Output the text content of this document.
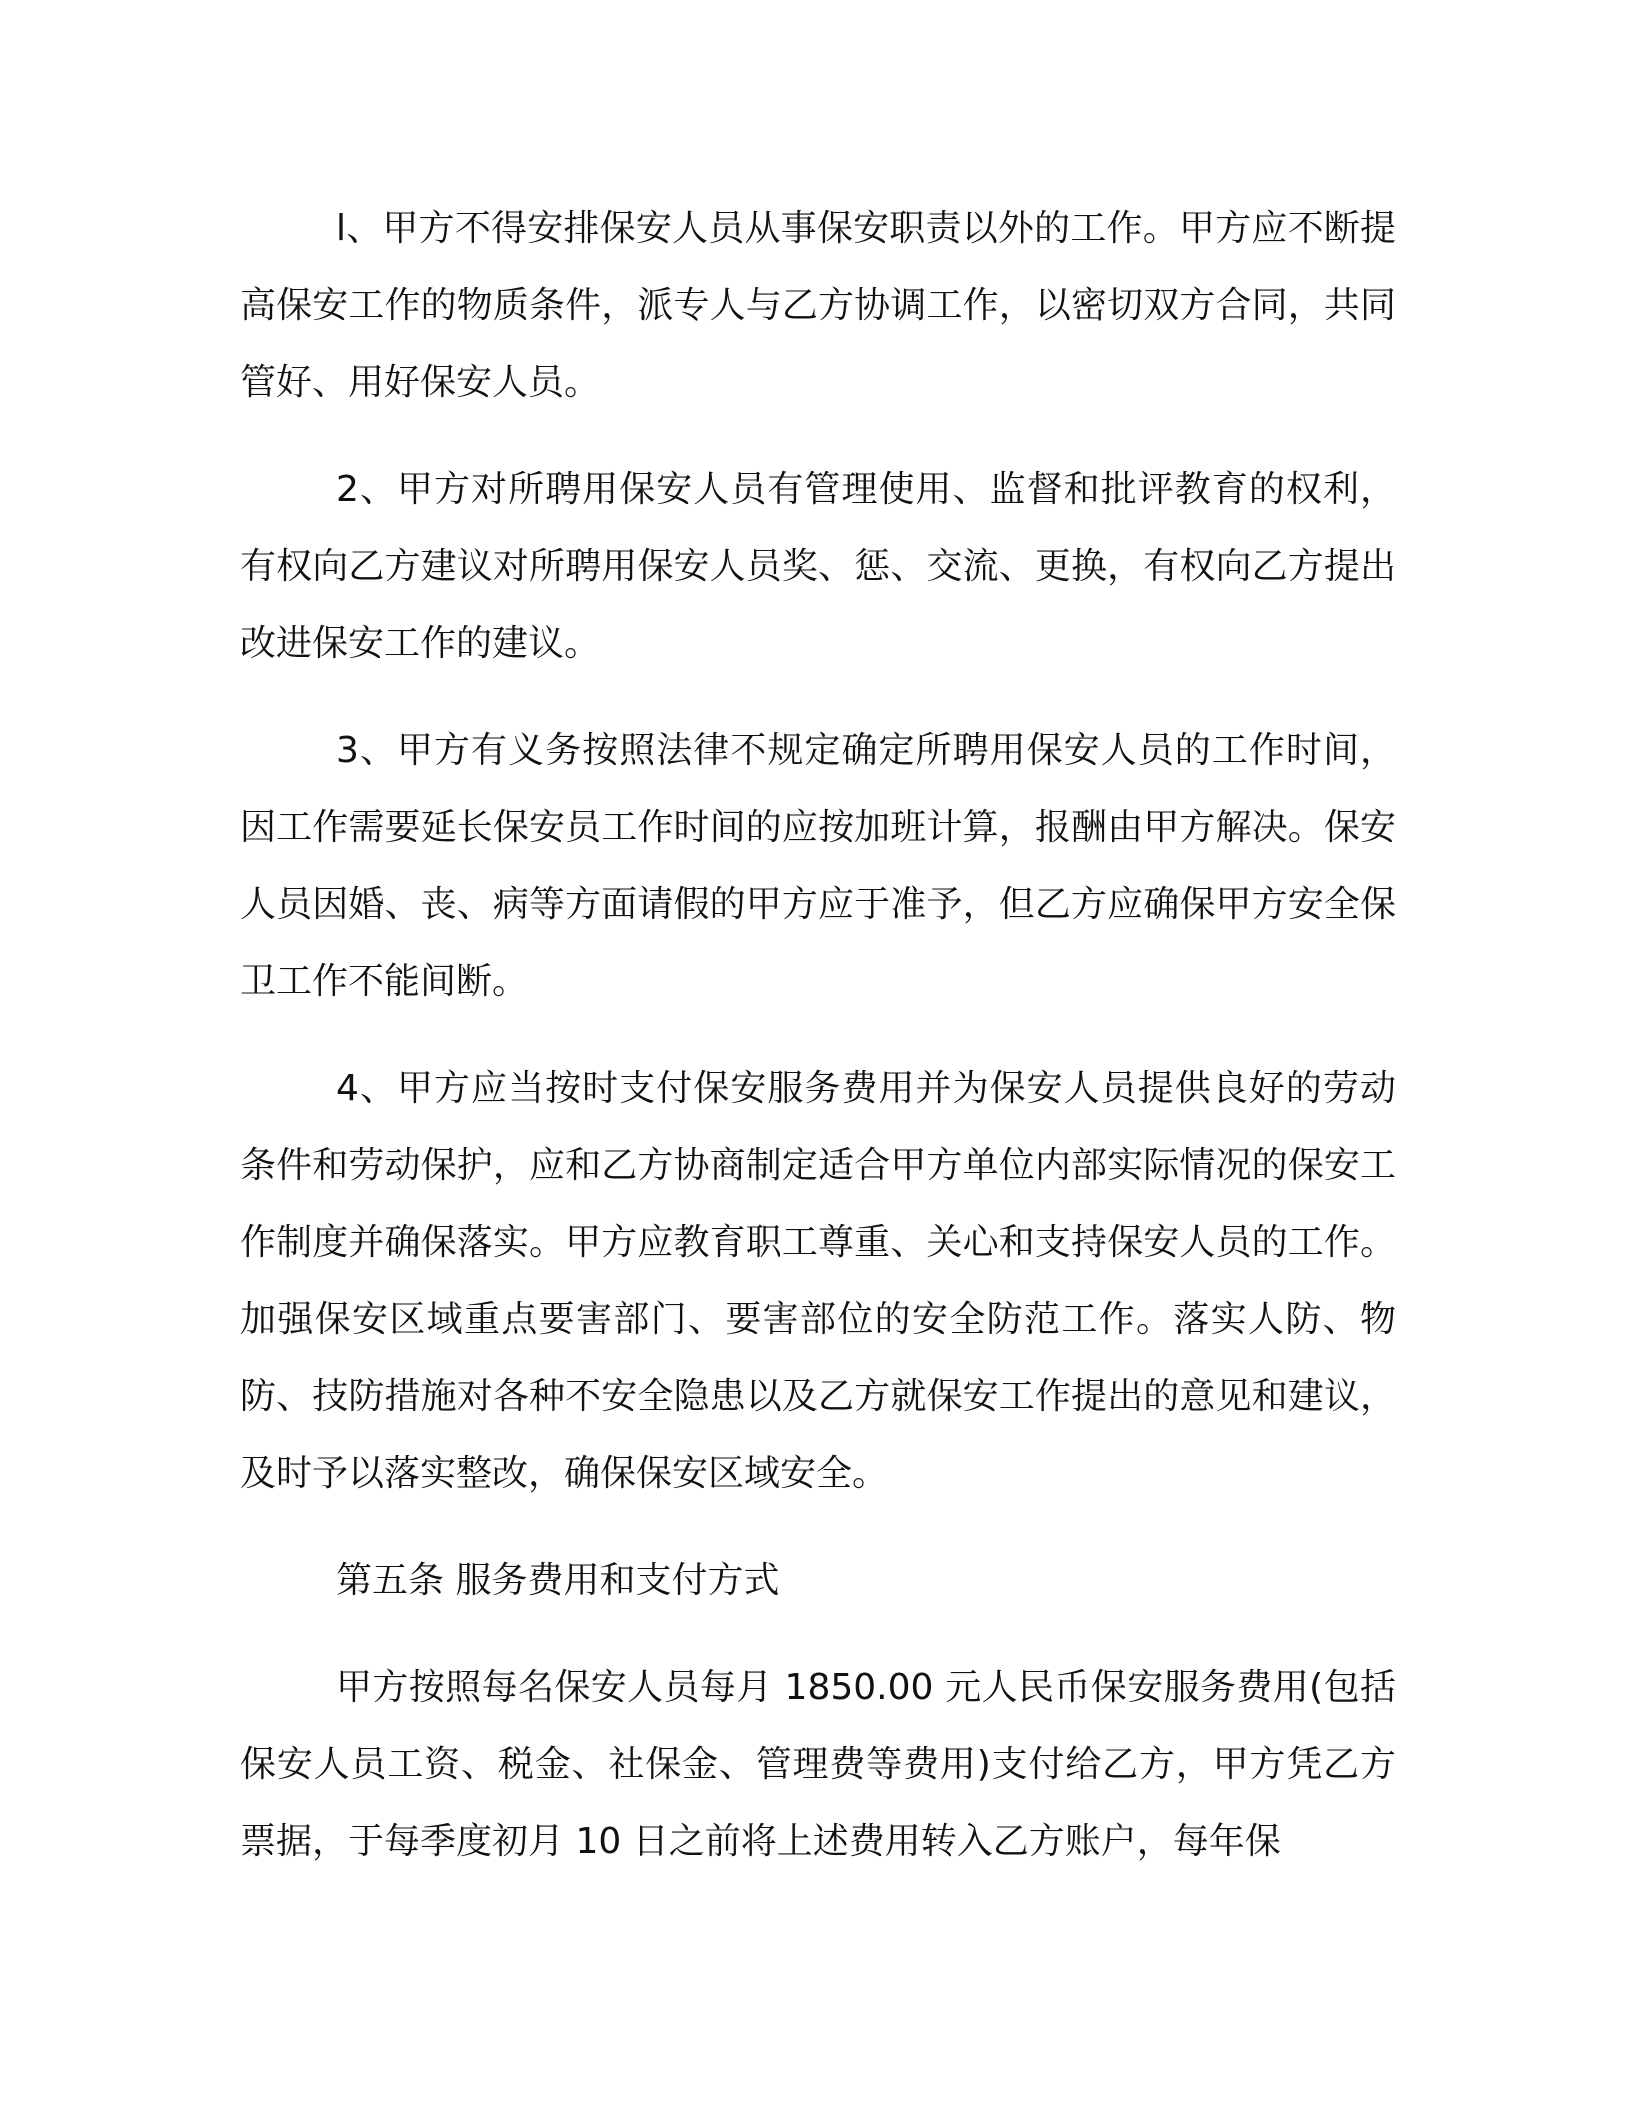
l、甲方不得安排保安人员从事保安职责以外的工作。甲方应不断提高保安工作的物质条件，派专人与乙方协调工作，以密切双方合同，共同管好、用好保安人员。

2、甲方对所聘用保安人员有管理使用、监督和批评教育的权利，有权向乙方建议对所聘用保安人员奖、惩、交流、更换，有权向乙方提出改进保安工作的建议。

3、甲方有义务按照法律不规定确定所聘用保安人员的工作时间，因工作需要延长保安员工作时间的应按加班计算，报酬由甲方解决。保安人员因婚、丧、病等方面请假的甲方应于准予，但乙方应确保甲方安全保卫工作不能间断。

4、甲方应当按时支付保安服务费用并为保安人员提供良好的劳动条件和劳动保护，应和乙方协商制定适合甲方单位内部实际情况的保安工作制度并确保落实。甲方应教育职工尊重、关心和支持保安人员的工作。加强保安区域重点要害部门、要害部位的安全防范工作。落实人防、物防、技防措施对各种不安全隐患以及乙方就保安工作提出的意见和建议，及时予以落实整改，确保保安区域安全。

第五条 服务费用和支付方式

甲方按照每名保安人员每月 1850.00 元人民币保安服务费用(包括保安人员工资、税金、社保金、管理费等费用)支付给乙方，甲方凭乙方票据，于每季度初月 10 日之前将上述费用转入乙方账户，每年保
